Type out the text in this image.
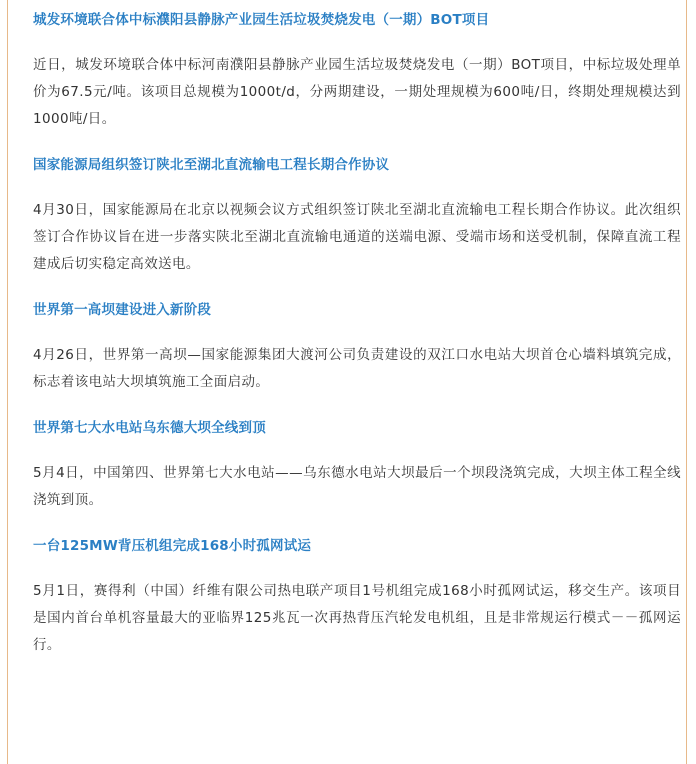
城发环境联合体中标濮阳县静脉产业园生活垃圾焚烧发电（一期）BOT项目

近日，城发环境联合体中标河南濮阳县静脉产业园生活垃圾焚烧发电（一期）BOT项目，中标垃圾处理单价为67.5元/吨。该项目总规模为1000t/d，分两期建设，一期处理规模为600吨/日，终期处理规模达到1000吨/日。

国家能源局组织签订陕北至湖北直流输电工程长期合作协议

4月30日，国家能源局在北京以视频会议方式组织签订陕北至湖北直流输电工程长期合作协议。此次组织签订合作协议旨在进一步落实陕北至湖北直流输电通道的送端电源、受端市场和送受机制，保障直流工程建成后切实稳定高效送电。

世界第一高坝建设进入新阶段

4月26日，世界第一高坝—国家能源集团大渡河公司负责建设的双江口水电站大坝首仓心墙料填筑完成，标志着该电站大坝填筑施工全面启动。

世界第七大水电站乌东德大坝全线到顶

5月4日，中国第四、世界第七大水电站——乌东德水电站大坝最后一个坝段浇筑完成，大坝主体工程全线浇筑到顶。

一台125MW背压机组完成168小时孤网试运

5月1日，赛得利（中国）纤维有限公司热电联产项目1号机组完成168小时孤网试运，移交生产。该项目是国内首台单机容量最大的亚临界125兆瓦一次再热背压汽轮发电机组，且是非常规运行模式－－孤网运行。
